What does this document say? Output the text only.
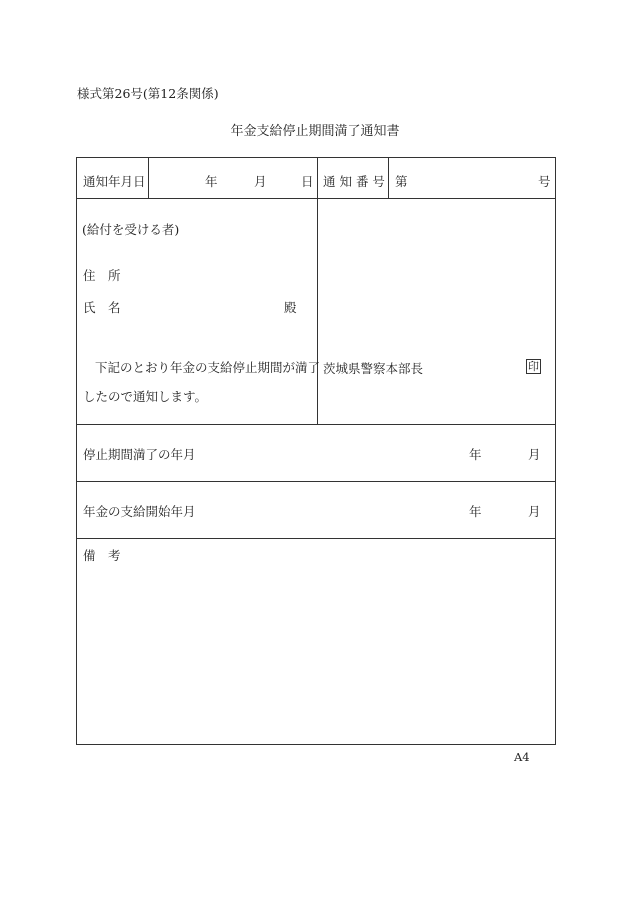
様式第26号(第12条関係)
年金支給停止期間満了通知書
通知年月日	年	月	日 通 知 番 号 第	号
(給付を受ける者)
住　所
氏　名	殿
下記のとおり年金の支給停止期間が満了
したので通知します。
茨城県警察本部長	印
停止期間満了の年月	年	月
年金の支給開始年月	年	月
備　考
A4
